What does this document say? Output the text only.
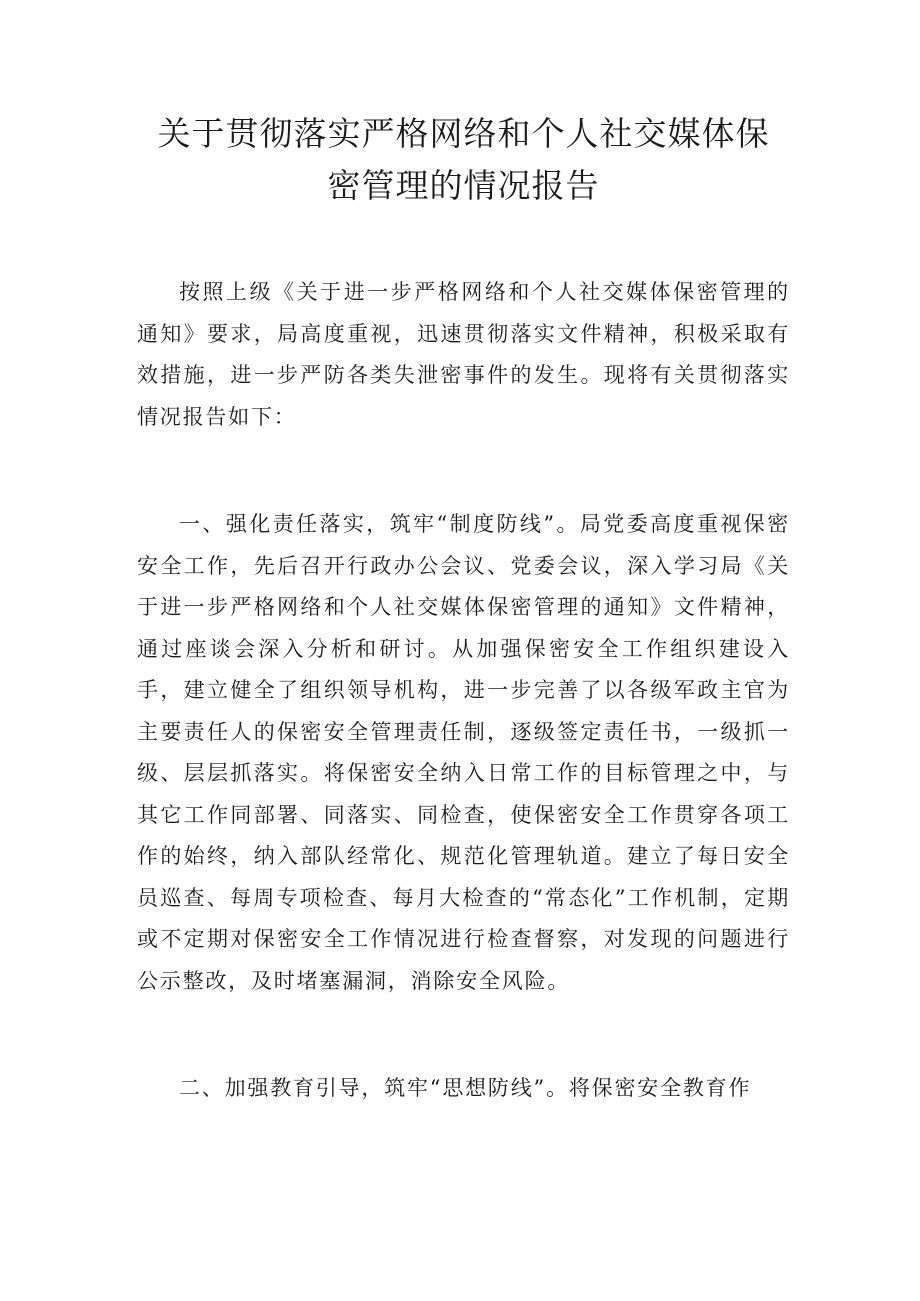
关于贯彻落实严格网络和个人社交媒体保
密管理的情况报告

按照上级《关于进一步严格网络和个人社交媒体保密管理的通知》要求，局高度重视，迅速贯彻落实文件精神，积极采取有效措施，进一步严防各类失泄密事件的发生。现将有关贯彻落实情况报告如下：

一、强化责任落实，筑牢“制度防线”。局党委高度重视保密安全工作，先后召开行政办公会议、党委会议，深入学习局《关于进一步严格网络和个人社交媒体保密管理的通知》文件精神，通过座谈会深入分析和研讨。从加强保密安全工作组织建设入手，建立健全了组织领导机构，进一步完善了以各级军政主官为主要责任人的保密安全管理责任制，逐级签定责任书，一级抓一级、层层抓落实。将保密安全纳入日常工作的目标管理之中，与其它工作同部署、同落实、同检查，使保密安全工作贯穿各项工作的始终，纳入部队经常化、规范化管理轨道。建立了每日安全员巡查、每周专项检查、每月大检查的“常态化”工作机制，定期或不定期对保密安全工作情况进行检查督察，对发现的问题进行公示整改，及时堵塞漏洞，消除安全风险。

二、加强教育引导，筑牢“思想防线”。将保密安全教育作
